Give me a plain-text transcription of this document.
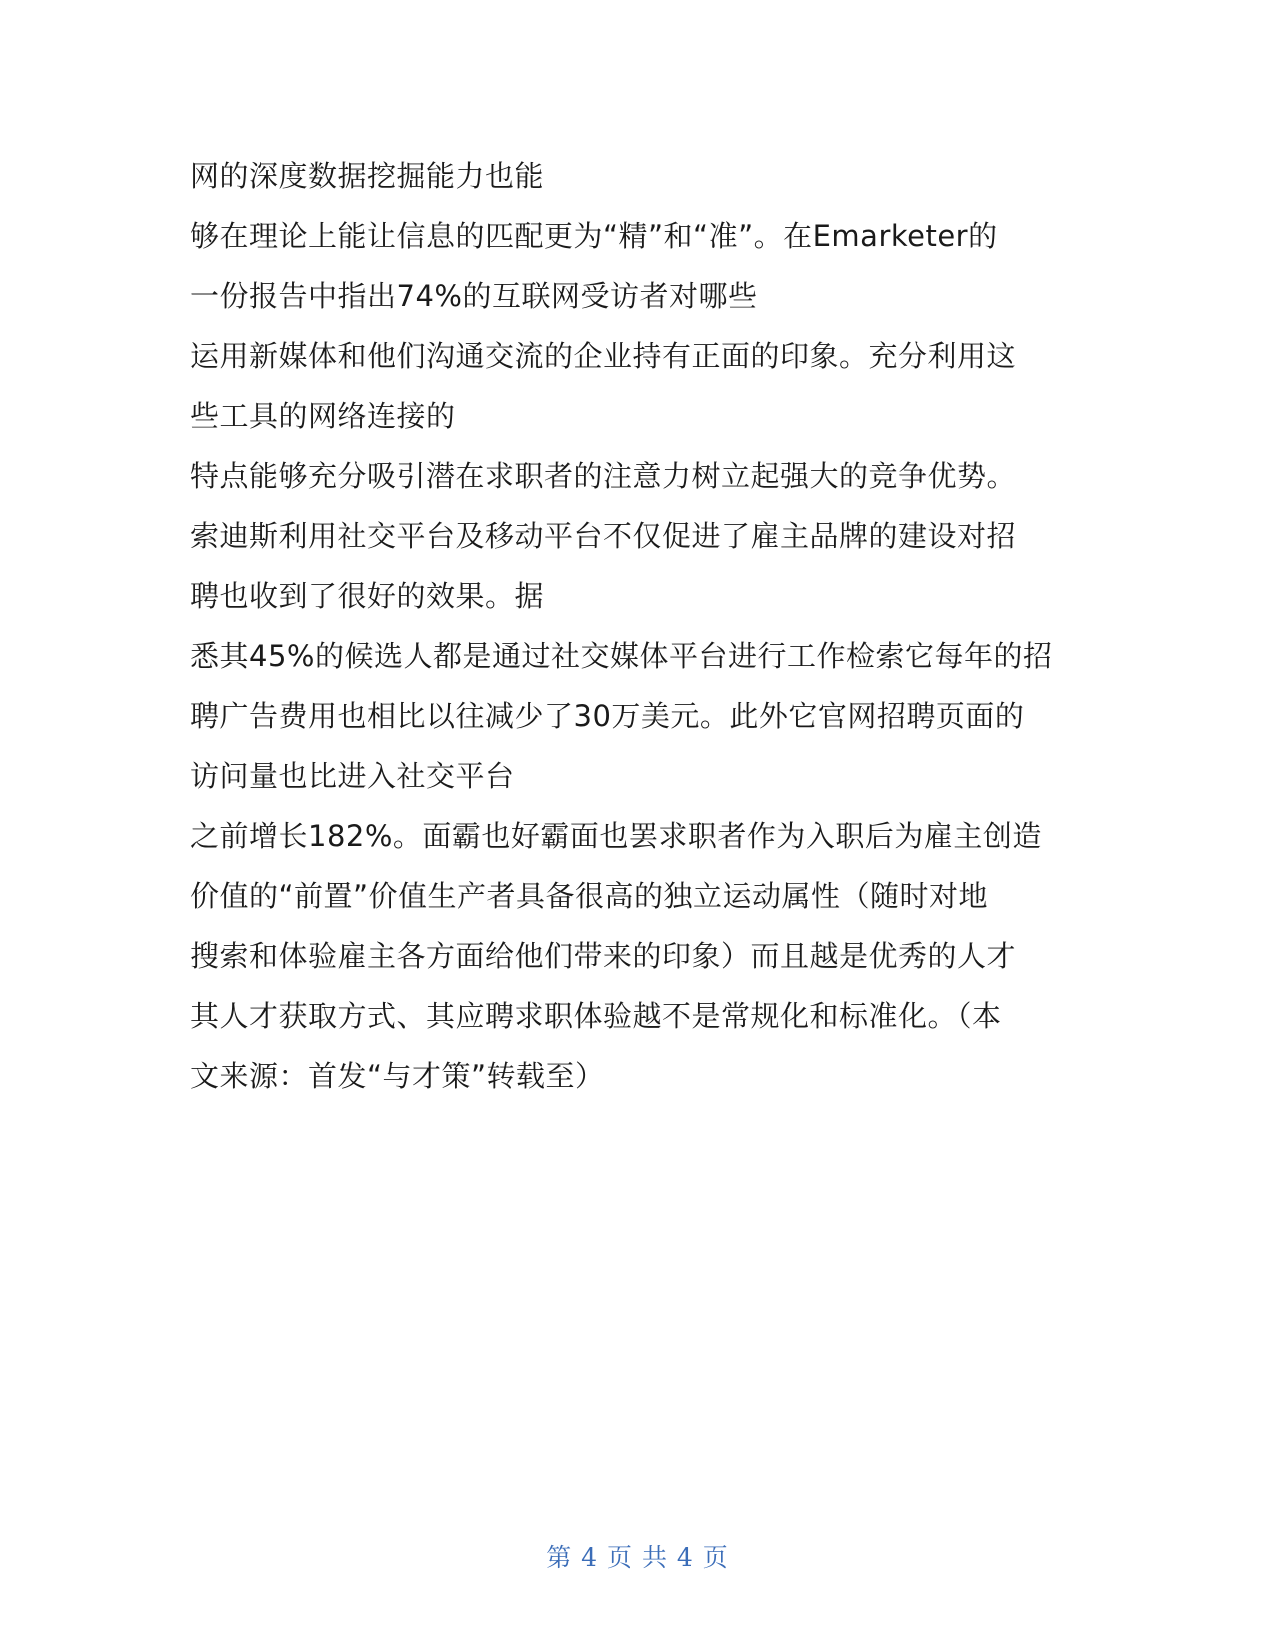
网的深度数据挖掘能力也能
够在理论上能让信息的匹配更为“精”和“准”。在Emarketer的
一份报告中指出74%的互联网受访者对哪些
运用新媒体和他们沟通交流的企业持有正面的印象。充分利用这
些工具的网络连接的
特点能够充分吸引潜在求职者的注意力树立起强大的竞争优势。
索迪斯利用社交平台及移动平台不仅促进了雇主品牌的建设对招
聘也收到了很好的效果。据
悉其45%的候选人都是通过社交媒体平台进行工作检索它每年的招
聘广告费用也相比以往减少了30万美元。此外它官网招聘页面的
访问量也比进入社交平台
之前增长182%。面霸也好霸面也罢求职者作为入职后为雇主创造
价值的“前置”价值生产者具备很高的独立运动属性（随时对地
搜索和体验雇主各方面给他们带来的印象）而且越是优秀的人才
其人才获取方式、其应聘求职体验越不是常规化和标准化。（本
文来源：首发“与才策”转载至）
第 4 页 共 4 页
